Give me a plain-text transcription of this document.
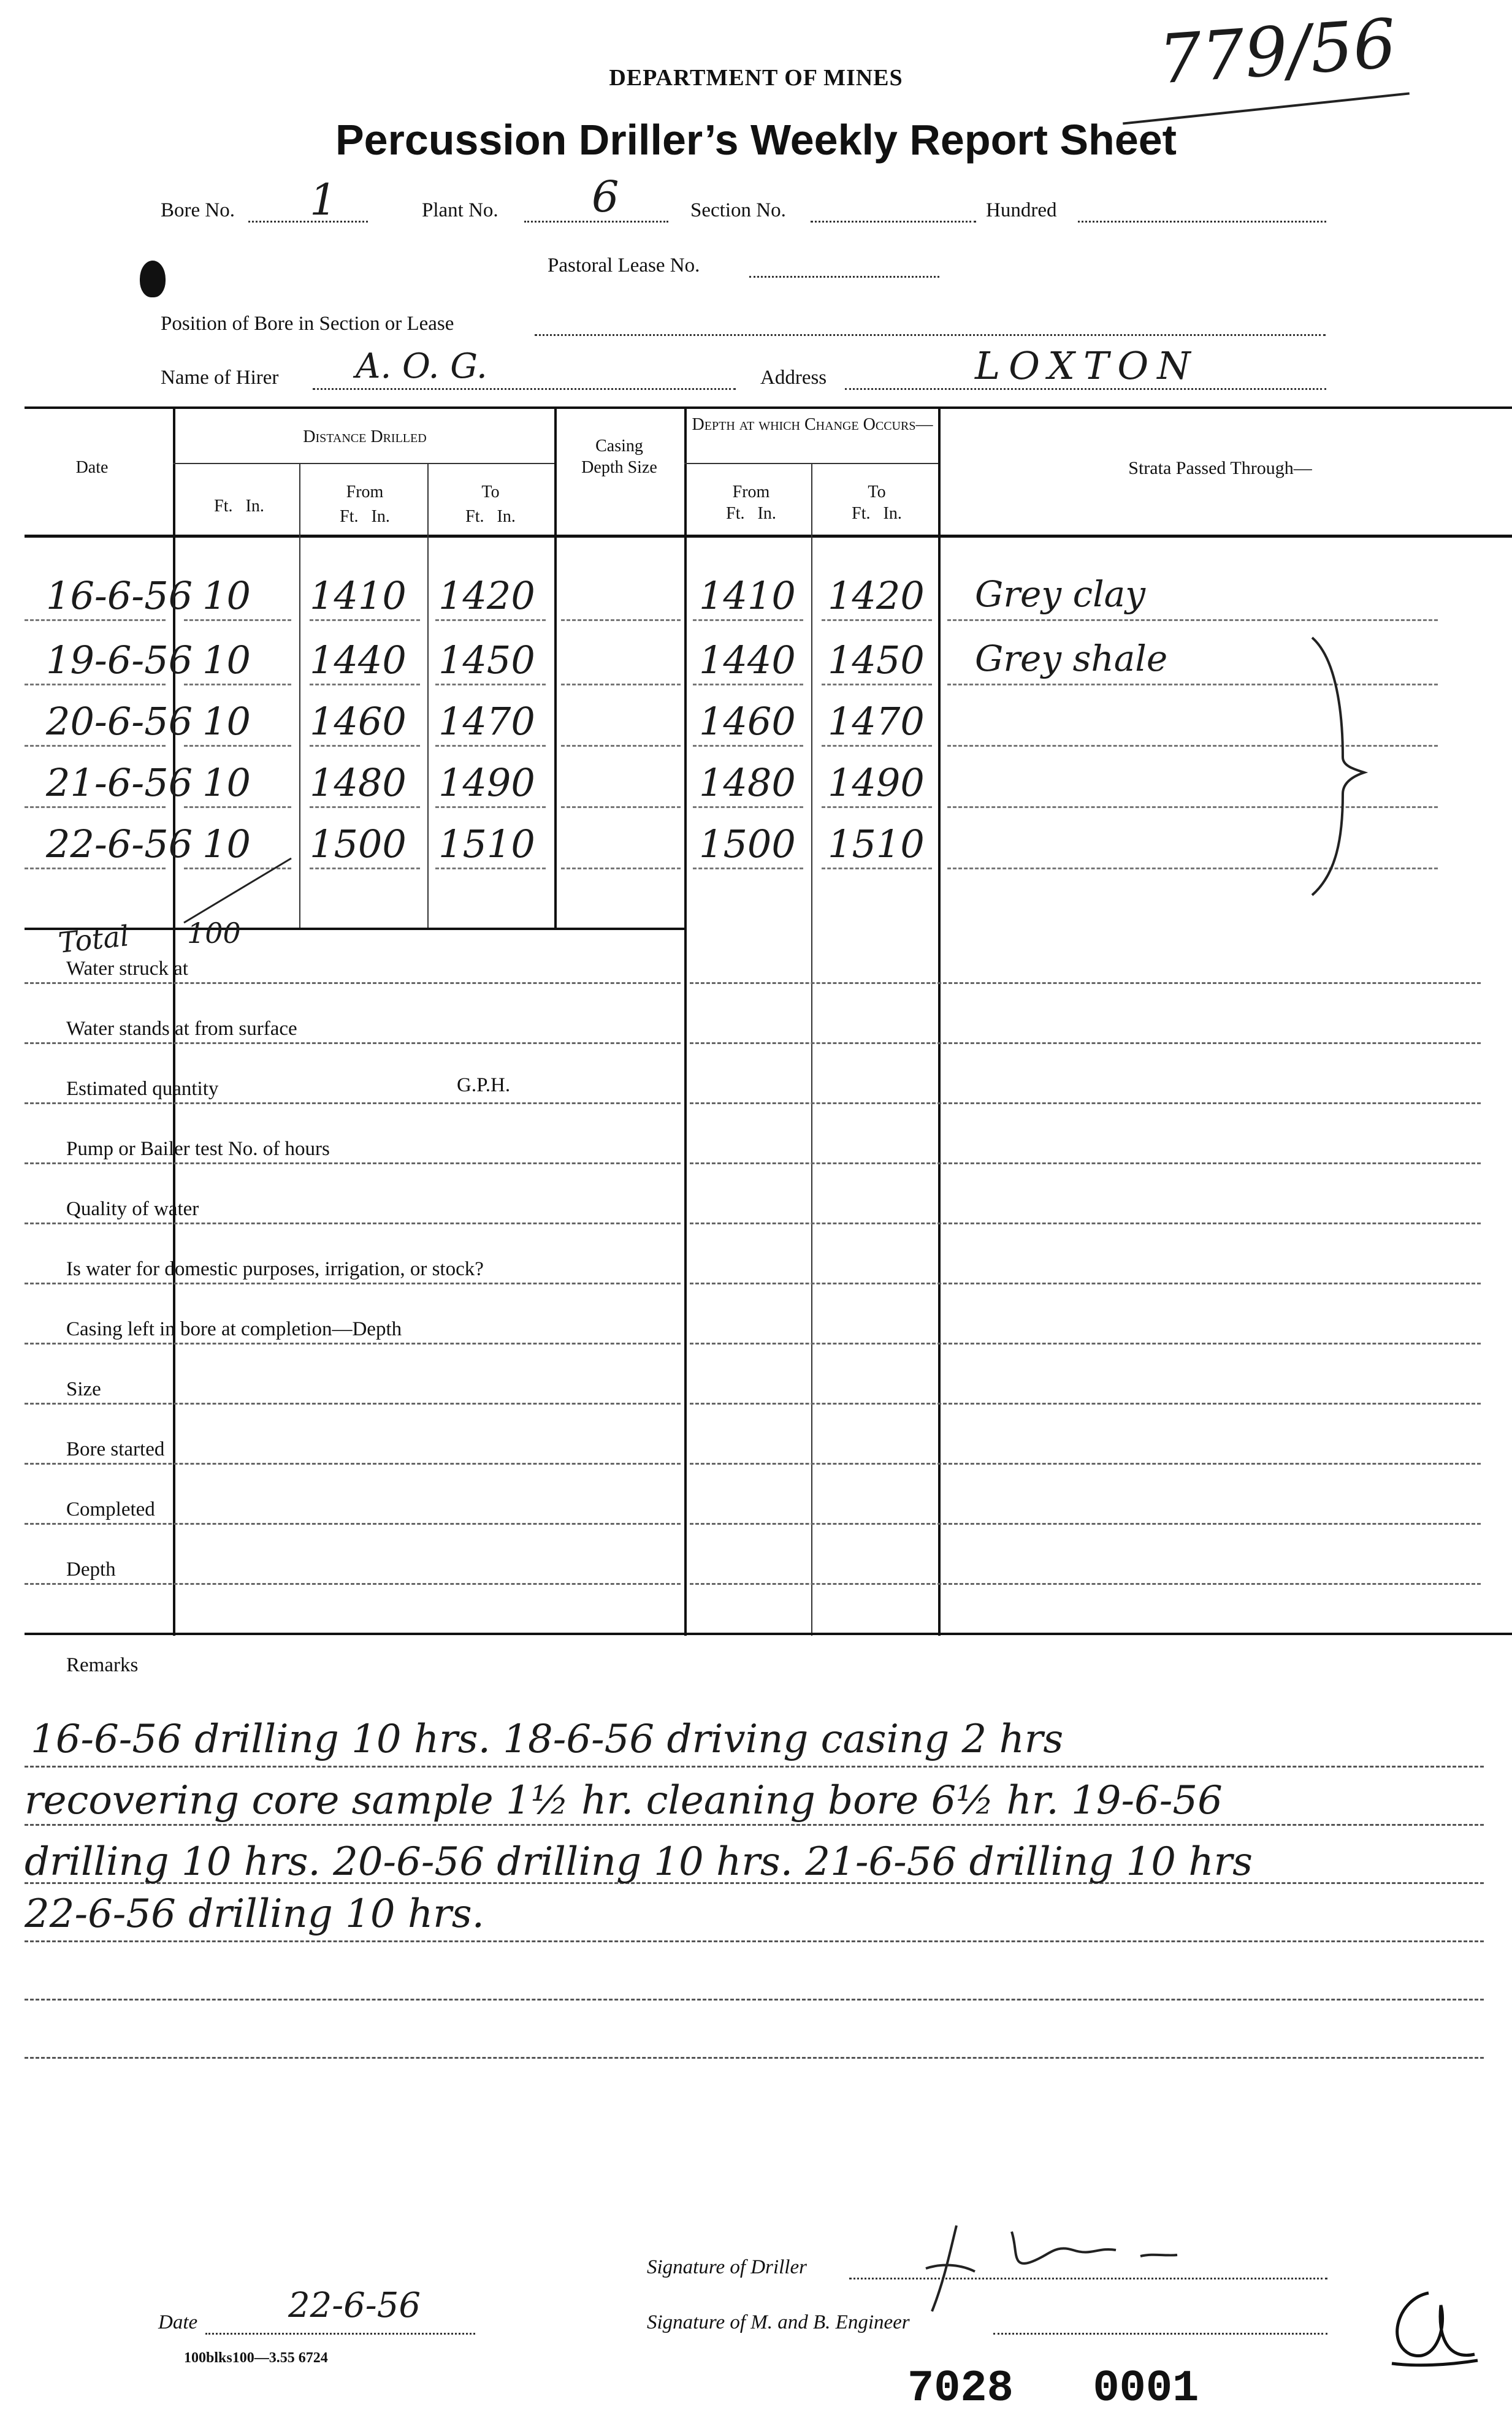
779/56
DEPARTMENT OF MINES
Percussion Driller’s Weekly Report Sheet
Bore No. 1	Plant No. 6	Section No.	Hundred
Pastoral Lease No.
Position of Bore in Section or Lease
Name of Hirer A. O. G.	Address	LOXTON
Date
Distance Drilled
Ft.   In.
From
Ft.   In.
To
Ft.   In.
Casing Depth Size
Depth at which Change Occurs—
From
Ft.   In.
To
Ft.   In.
Strata Passed Through—
16-6-56 10 1410 1420	1410 1420 Grey clay
19-6-56 10 1440 1450	1440 1450 Grey shale
20-6-56 10 1460 1470	1460 1470
21-6-56 10 1480 1490	1480 1490
22-6-56 10 1500 1510	1500 1510
Total 100
Water struck at
Water stands at from surface
Estimated quantity
Pump or Bailer test No. of hours
Quality of water
Is water for domestic purposes, irrigation, or stock?
Casing left in bore at completion—Depth
Size
Bore started
Completed
Depth
G.P.H.
Remarks
16-6-56 drilling 10 hrs. 18-6-56 driving casing 2 hrs
recovering core sample 1½ hr. cleaning bore 6½ hr. 19-6-56
drilling 10 hrs. 20-6-56 drilling 10 hrs. 21-6-56 drilling 10 hrs
22-6-56 drilling 10 hrs.
Signature of Driller
Signature of M. and B. Engineer
Date	22-6-56
100blks100—3.55 6724
7028   0001
